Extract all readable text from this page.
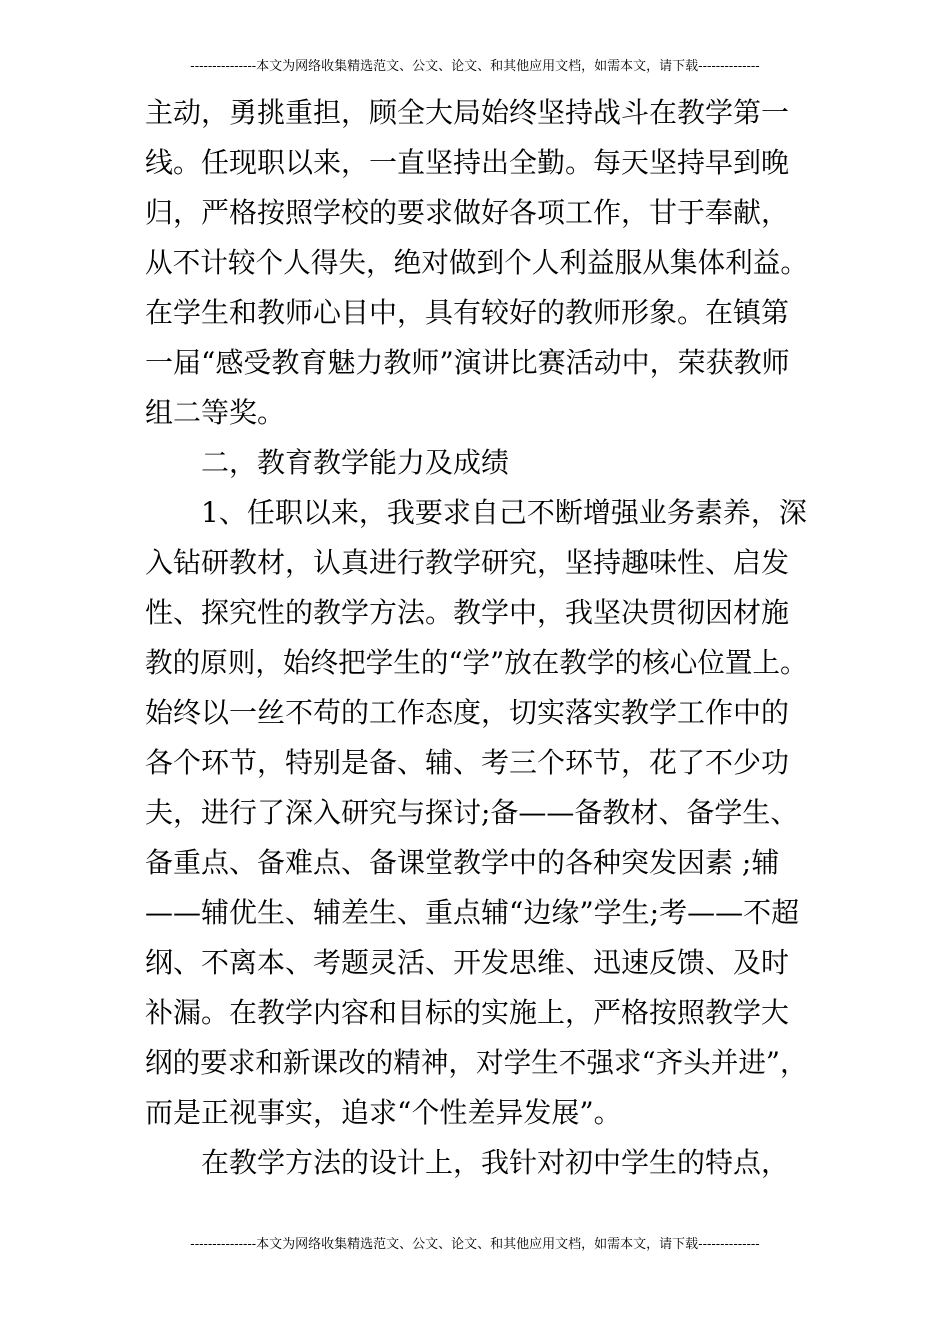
---------------本文为网络收集精选范文、公文、论文、和其他应用文档，如需本文，请下载--------------
主动，勇挑重担，顾全大局始终坚持战斗在教学第一
线。任现职以来，一直坚持出全勤。每天坚持早到晚
归，严格按照学校的要求做好各项工作，甘于奉献，
从不计较个人得失，绝对做到个人利益服从集体利益。
在学生和教师心目中，具有较好的教师形象。在镇第
一届“感受教育魅力教师”演讲比赛活动中，荣获教师
组二等奖。
二，教育教学能力及成绩
1、任职以来，我要求自己不断增强业务素养，深
入钻研教材，认真进行教学研究，坚持趣味性、启发
性、探究性的教学方法。教学中，我坚决贯彻因材施
教的原则，始终把学生的“学”放在教学的核心位置上。
始终以一丝不苟的工作态度，切实落实教学工作中的
各个环节，特别是备、辅、考三个环节，花了不少功
夫，进行了深入研究与探讨;备——备教材、备学生、
备重点、备难点、备课堂教学中的各种突发因素 ;辅
——辅优生、辅差生、重点辅“边缘”学生;考——不超
纲、不离本、考题灵活、开发思维、迅速反馈、及时
补漏。在教学内容和目标的实施上，严格按照教学大
纲的要求和新课改的精神，对学生不强求“齐头并进”，
而是正视事实，追求“个性差异发展”。
在教学方法的设计上，我针对初中学生的特点，
---------------本文为网络收集精选范文、公文、论文、和其他应用文档，如需本文，请下载--------------
